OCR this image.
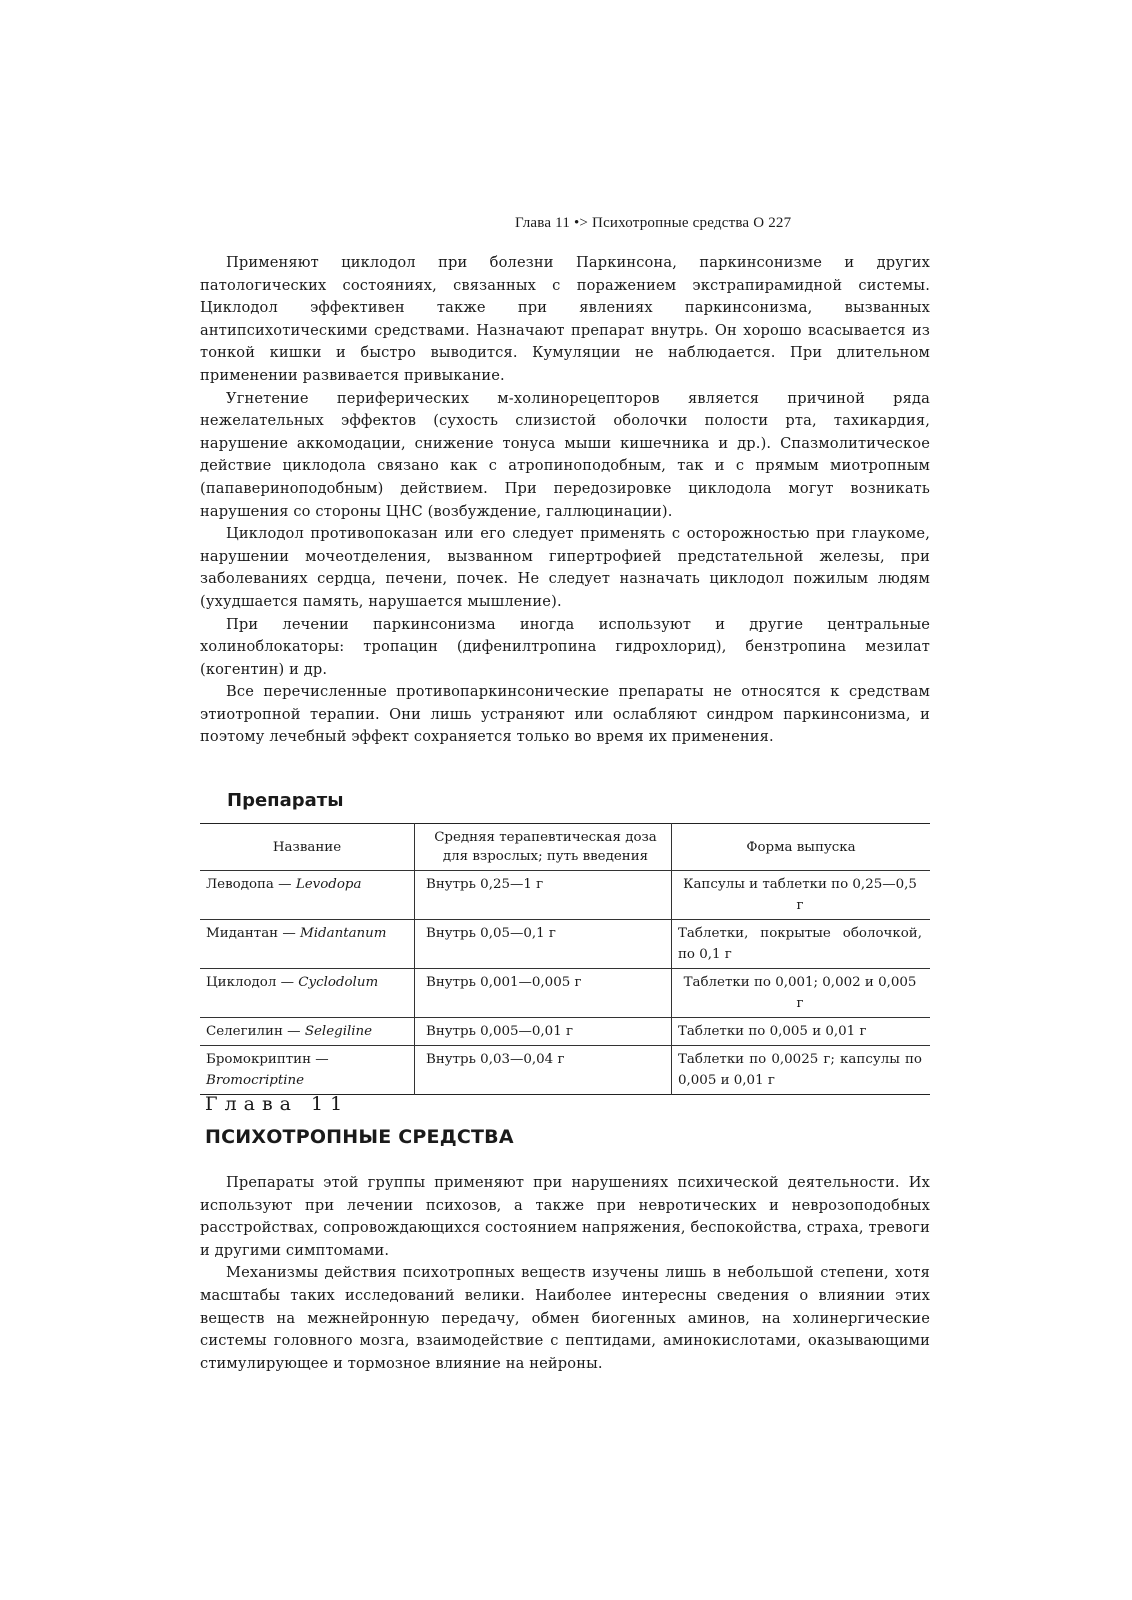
Глава 11 •> Психотропные средства О 227

Применяют циклодол при болезни Паркинсона, паркинсонизме и других патологических состояниях, связанных с поражением экстрапирамидной системы. Циклодол эффективен также при явлениях паркинсонизма, вызванных антипсихотическими средствами. Назначают препарат внутрь. Он хорошо всасывается из тонкой кишки и быстро выводится. Кумуляции не наблюдается. При длительном применении развивается привыкание.

Угнетение периферических м-холинорецепторов является причиной ряда нежелательных эффектов (сухость слизистой оболочки полости рта, тахикардия, нарушение аккомодации, снижение тонуса мыши кишечника и др.). Спазмолитическое действие циклодола связано как с атропиноподобным, так и с прямым миотропным (папавериноподобным) действием. При передозировке циклодола могут возникать нарушения со стороны ЦНС (возбуждение, галлюцинации).

Циклодол противопоказан или его следует применять с осторожностью при глаукоме, нарушении мочеотделения, вызванном гипертрофией предстательной железы, при заболеваниях сердца, печени, почек. Не следует назначать циклодол пожилым людям (ухудшается память, нарушается мышление).

При лечении паркинсонизма иногда используют и другие центральные холиноблокаторы: тропацин (дифенилтропина гидрохлорид), бензтропина мезилат (когентин) и др.

Все перечисленные противопаркинсонические препараты не относятся к средствам этиотропной терапии. Они лишь устраняют или ослабляют синдром паркинсонизма, и поэтому лечебный эффект сохраняется только во время их применения.

Препараты
Название	Средняя терапевтическая доза для взрослых; путь введения	Форма выпуска
Леводопа — Levodopa	Внутрь 0,25—1 г	Капсулы и таблетки по 0,25—0,5 г
Мидантан — Midantanum	Внутрь 0,05—0,1 г	Таблетки, покрытые оболочкой, по 0,1 г
Циклодол — Cyclodolum	Внутрь 0,001—0,005 г	Таблетки по 0,001; 0,002 и 0,005 г
Селегилин — Selegiline	Внутрь 0,005—0,01 г	Таблетки по 0,005 и 0,01 г
Бромокриптин — Bromocriptine	Внутрь 0,03—0,04 г	Таблетки по 0,0025 г; капсулы по 0,005 и 0,01 г

Глава 11

ПСИХОТРОПНЫЕ СРЕДСТВА

Препараты этой группы применяют при нарушениях психической деятельности. Их используют при лечении психозов, а также при невротических и неврозоподобных расстройствах, сопровождающихся состоянием напряжения, беспокойства, страха, тревоги и другими симптомами.

Механизмы действия психотропных веществ изучены лишь в небольшой степени, хотя масштабы таких исследований велики. Наиболее интересны сведения о влиянии этих веществ на межнейронную передачу, обмен биогенных аминов, на холинергические системы головного мозга, взаимодействие с пептидами, аминокислотами, оказывающими стимулирующее и тормозное влияние на нейроны.
